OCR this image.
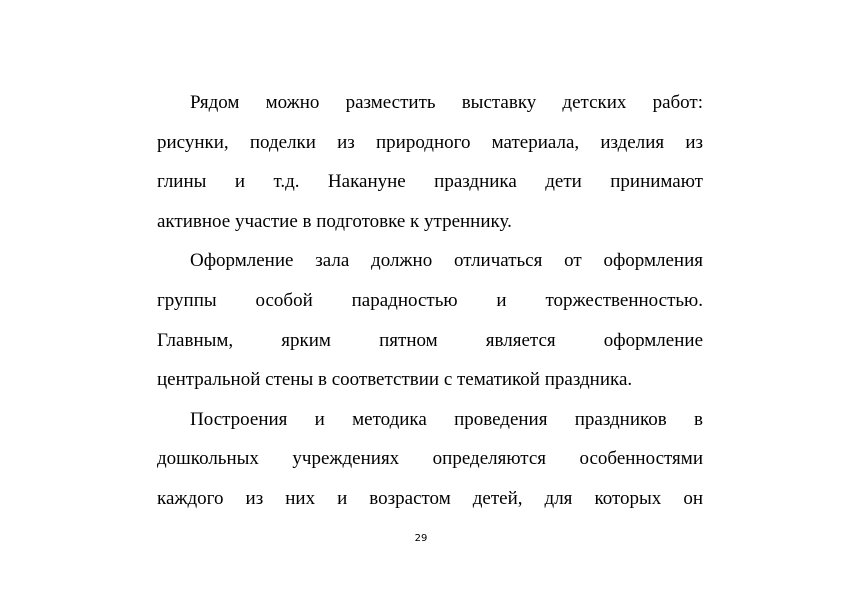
Рядом можно разместить выставку детских работ:
рисунки, поделки из природного материала, изделия из
глины и т.д. Накануне праздника дети принимают
активное участие в подготовке к утреннику.
Оформление зала должно отличаться от оформления
группы особой парадностью и торжественностью.
Главным, ярким пятном является оформление
центральной стены в соответствии с тематикой праздника.
Построения и методика проведения праздников в
дошкольных учреждениях определяются особенностями
каждого из них и возрастом детей, для которых он
29
